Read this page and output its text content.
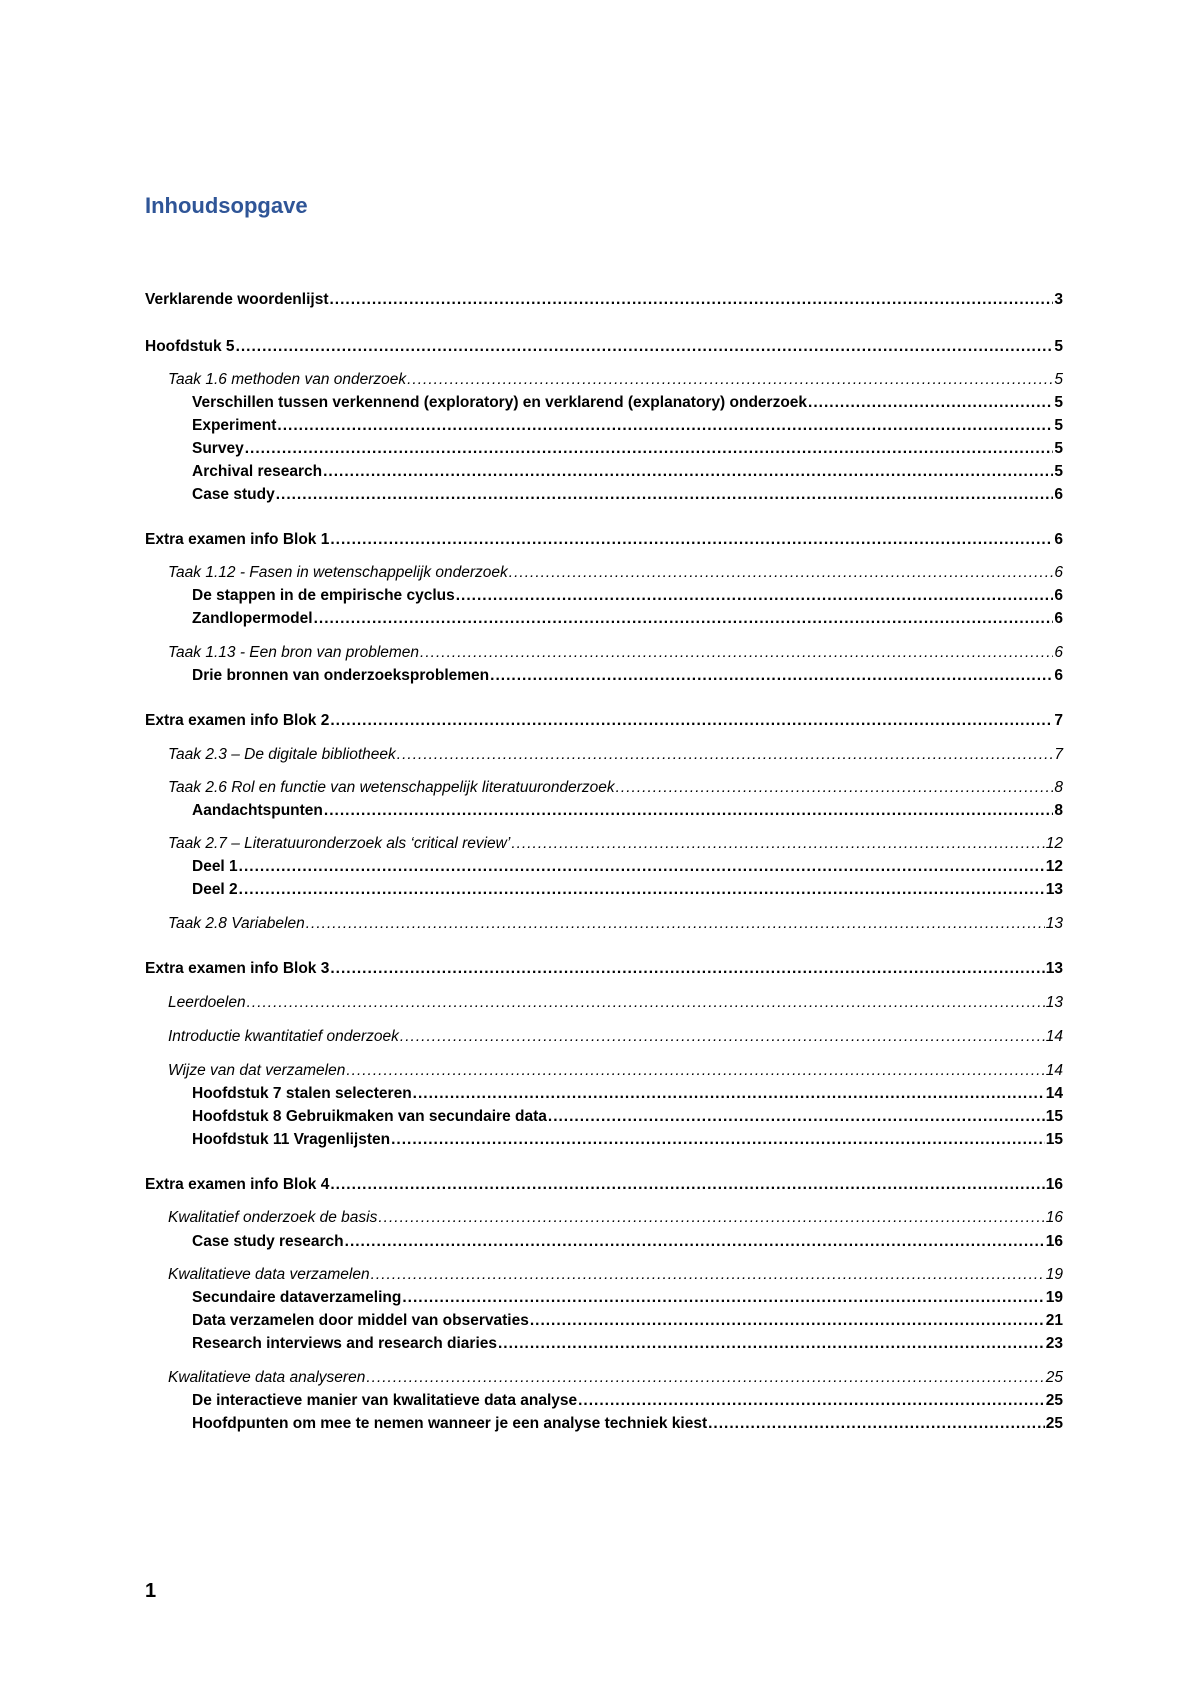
Inhoudsopgave
Verklarende woordenlijst .....	3
Hoofdstuk 5 .....	5
Taak 1.6 methoden van onderzoek .....	5
Verschillen tussen verkennend (exploratory) en verklarend (explanatory) onderzoek .....	5
Experiment .....	5
Survey .....	5
Archival research .....	5
Case study .....	6
Extra examen info Blok 1 .....	6
Taak 1.12 - Fasen in wetenschappelijk onderzoek .....	6
De stappen in de empirische cyclus .....	6
Zandlopermodel .....	6
Taak 1.13 - Een bron van problemen .....	6
Drie bronnen van onderzoeksproblemen .....	6
Extra examen info Blok 2 .....	7
Taak 2.3 – De digitale bibliotheek .....	7
Taak 2.6 Rol en functie van wetenschappelijk literatuuronderzoek .....	8
Aandachtspunten .....	8
Taak 2.7 – Literatuuronderzoek als ‘critical review’ .....	12
Deel 1 .....	12
Deel 2 .....	13
Taak 2.8 Variabelen .....	13
Extra examen info Blok 3 .....	13
Leerdoelen .....	13
Introductie kwantitatief onderzoek .....	14
Wijze van dat verzamelen .....	14
Hoofdstuk 7 stalen selecteren .....	14
Hoofdstuk 8 Gebruikmaken van secundaire data .....	15
Hoofdstuk 11 Vragenlijsten .....	15
Extra examen info Blok 4 .....	16
Kwalitatief onderzoek de basis .....	16
Case study research .....	16
Kwalitatieve data verzamelen .....	19
Secundaire dataverzameling .....	19
Data verzamelen door middel van observaties .....	21
Research interviews and research diaries .....	23
Kwalitatieve data analyseren .....	25
De interactieve manier van kwalitatieve data analyse .....	25
Hoofdpunten om mee te nemen wanneer je een analyse techniek kiest .....	25
1
